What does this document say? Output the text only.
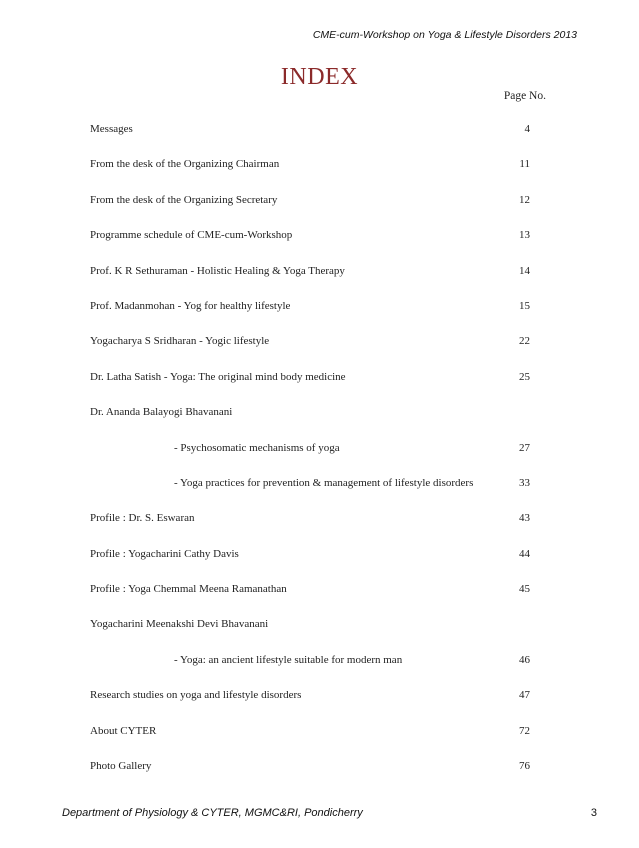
CME-cum-Workshop on Yoga & Lifestyle Disorders 2013
INDEX
Page No.
Messages	4
From the desk of the Organizing Chairman	11
From the desk of the Organizing Secretary	12
Programme schedule of CME-cum-Workshop	13
Prof. K R Sethuraman - Holistic Healing & Yoga Therapy	14
Prof. Madanmohan - Yog for healthy lifestyle	15
Yogacharya S Sridharan - Yogic lifestyle	22
Dr. Latha Satish - Yoga: The original mind body medicine	25
Dr. Ananda Balayogi Bhavanani
- Psychosomatic mechanisms of yoga	27
- Yoga practices for prevention & management of lifestyle disorders	33
Profile : Dr. S. Eswaran	43
Profile : Yogacharini Cathy Davis	44
Profile : Yoga Chemmal Meena Ramanathan	45
Yogacharini Meenakshi Devi Bhavanani
- Yoga: an ancient lifestyle suitable for modern man	46
Research studies on yoga and lifestyle disorders	47
About CYTER	72
Photo Gallery	76
Department of Physiology & CYTER, MGMC&RI, Pondicherry	3
